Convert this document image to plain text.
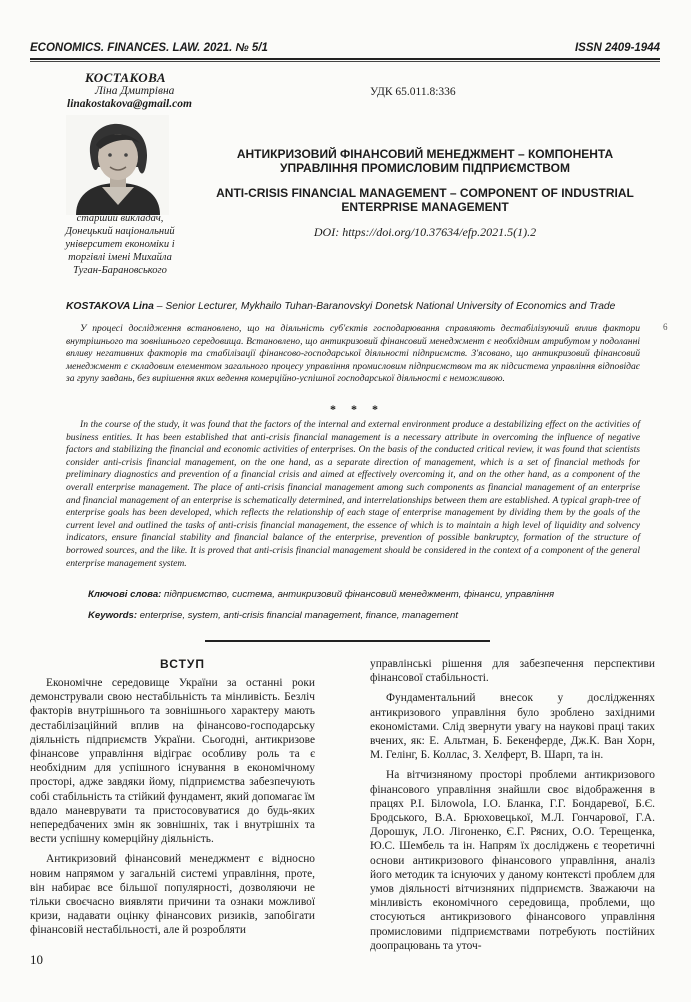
ECONOMICS. FINANCES. LAW. 2021. № 5/1	ISSN 2409-1944
КОСТАКОВА
Ліна Дмитрівна
linakostakova@gmail.com
старший викладач, Донецький національний університет економіки і торгівлі імені Михайла Туган-Барановського
УДК 65.011.8:336
АНТИКРИЗОВИЙ ФІНАНСОВИЙ МЕНЕДЖМЕНТ – КОМПОНЕНТА УПРАВЛІННЯ ПРОМИСЛОВИМ ПІДПРИЄМСТВОМ
ANTI-CRISIS FINANCIAL MANAGEMENT – COMPONENT OF INDUSTRIAL ENTERPRISE MANAGEMENT
DOI: https://doi.org/10.37634/efp.2021.5(1).2
KOSTAKOVA Lina – Senior Lecturer, Mykhailo Tuhan-Baranovskyi Donetsk National University of Economics and Trade
У процесі дослідження встановлено, що на діяльність суб'єктів господарювання справляють дестабілізуючий вплив фактори внутрішнього та зовнішнього середовища. Встановлено, що антикризовий фінансовий менеджмент є необхідним атрибутом у подоланні впливу негативних факторів та стабілізації фінансово-господарської діяльності підприємств. З'ясовано, що антикризовий фінансовий менеджмент є складовим елементом загального процесу управління промисловим підприємством та як підсистема управління відповідає за групу завдань, без вирішення яких ведення комерційно-успішної господарської діяльності є неможливою.
* * *
In the course of the study, it was found that the factors of the internal and external environment produce a destabilizing effect on the activities of business entities. It has been established that anti-crisis financial management is a necessary attribute in overcoming the influence of negative factors and stabilizing the financial and economic activities of enterprises. On the basis of the conducted critical review, it was found that scientists consider anti-crisis financial management, on the one hand, as a separate direction of management, which is a set of financial methods for preliminary diagnostics and prevention of a financial crisis and aimed at effectively overcoming it, and on the other hand, as a component of the overall enterprise management. The place of anti-crisis financial management among such components as financial management of an enterprise and financial management of an enterprise is schematically determined, and interrelationships between them are established. A typical graph-tree of enterprise goals has been developed, which reflects the relationship of each stage of enterprise management by dividing them by the goals of the current level and outlined the tasks of anti-crisis financial management, the essence of which is to maintain a high level of liquidity and solvency indicators, ensure financial stability and financial balance of the enterprise, prevention of possible bankruptcy, formation of the structure of borrowed sources, and the like. It is proved that anti-crisis financial management should be considered in the context of a component of the general enterprise management system.
Ключові слова: підприємство, система, антикризовий фінансовий менеджмент, фінанси, управління
Keywords: enterprise, system, anti-crisis financial management, finance, management
ВСТУП

Економічне середовище України за останні роки демонстрували свою нестабільність та мінливість. Безліч факторів внутрішнього та зовнішнього характеру мають дестабілізаційний вплив на фінансово-господарську діяльність підприємств України. Сьогодні, антикризове фінансове управління відіграє особливу роль та є необхідним для успішного існування в економічному просторі, адже завдяки йому, підприємства забезпечують собі стабільність та стійкий фундамент, який допомагає їм вдало маневрувати та пристосовуватися до будь-яких непередбачених змін як зовнішніх, так і внутрішніх та вести успішну комерційну діяльність.

Антикризовий фінансовий менеджмент є відносно новим напрямом у загальній системі управління, проте, він набирає все більшої популярності, дозволяючи не тільки своєчасно виявляти причини та ознаки можливої кризи, надавати оцінку фінансових ризиків, запобігати фінансовій нестабільності, але й розробляти

управлінські рішення для забезпечення перспективи фінансової стабільності.

Фундаментальний внесок у дослідженнях антикризового управління було зроблено західними економістами. Слід звернути увагу на наукові праці таких вчених, як: Е. Альтман, Б. Бекенферде, Дж.К. Ван Хорн, М. Гелінг, Б. Коллас, З. Хелферт, В. Шарп, та ін.

На вітчизняному просторі проблеми антикризового фінансового управління знайшли своє відображення в працях Р.І. Білowola, І.О. Бланка, Г.Г. Бондаревої, Б.Є. Бродського, В.А. Брюховецької, М.Л. Гончарової, Г.А. Дорошук, Л.О. Лігоненко, Є.Г. Рясних, О.О. Терещенка, Ю.С. Шембель та ін. Напрям їх досліджень є теоретичні основи антикризового фінансового управління, аналіз його методик та існуючих у даному контексті проблем для умов діяльності вітчизняних підприємств. Зважаючи на мінливість економічного середовища, проблеми, що стосуються антикризового фінансового управління промисловими підприємствами потребують постійних доопрацювань та уточ-

10
6
